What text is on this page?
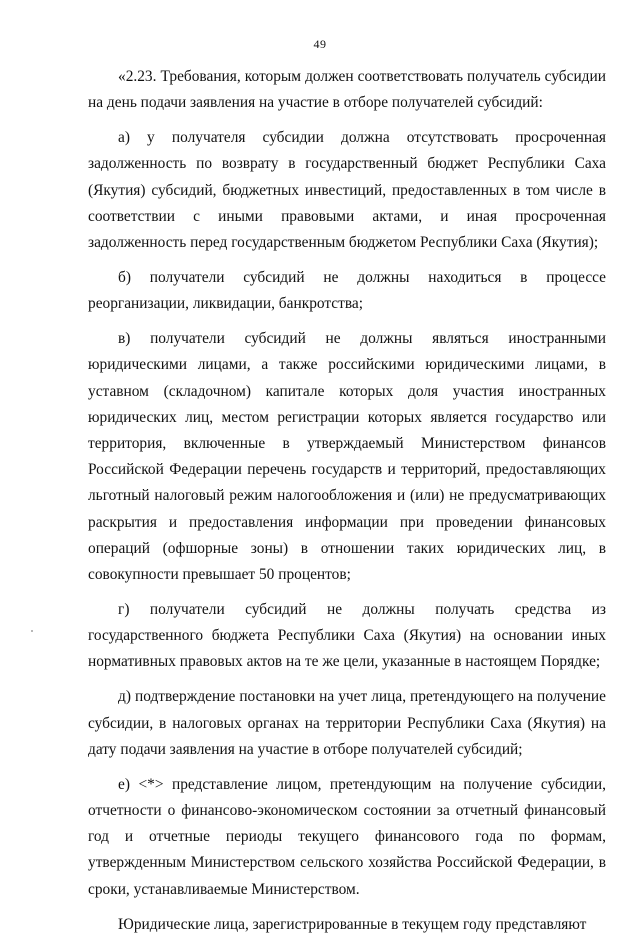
49

«2.23. Требования, которым должен соответствовать получатель субсидии на день подачи заявления на участие в отборе получателей субсидий:

а) у получателя субсидии должна отсутствовать просроченная задолженность по возврату в государственный бюджет Республики Саха (Якутия) субсидий, бюджетных инвестиций, предоставленных в том числе в соответствии с иными правовыми актами, и иная просроченная задолженность перед государственным бюджетом Республики Саха (Якутия);

б) получатели субсидий не должны находиться в процессе реорганизации, ликвидации, банкротства;

в) получатели субсидий не должны являться иностранными юридическими лицами, а также российскими юридическими лицами, в уставном (складочном) капитале которых доля участия иностранных юридических лиц, местом регистрации которых является государство или территория, включенные в утверждаемый Министерством финансов Российской Федерации перечень государств и территорий, предоставляющих льготный налоговый режим налогообложения и (или) не предусматривающих раскрытия и предоставления информации при проведении финансовых операций (офшорные зоны) в отношении таких юридических лиц, в совокупности превышает 50 процентов;

г) получатели субсидий не должны получать средства из государственного бюджета Республики Саха (Якутия) на основании иных нормативных правовых актов на те же цели, указанные в настоящем Порядке;

д) подтверждение постановки на учет лица, претендующего на получение субсидии, в налоговых органах на территории Республики Саха (Якутия) на дату подачи заявления на участие в отборе получателей субсидий;

е) <*> представление лицом, претендующим на получение субсидии, отчетности о финансово-экономическом состоянии за отчетный финансовый год и отчетные периоды текущего финансового года по формам, утвержденным Министерством сельского хозяйства Российской Федерации, в сроки, устанавливаемые Министерством.

Юридические лица, зарегистрированные в текущем году представляют
